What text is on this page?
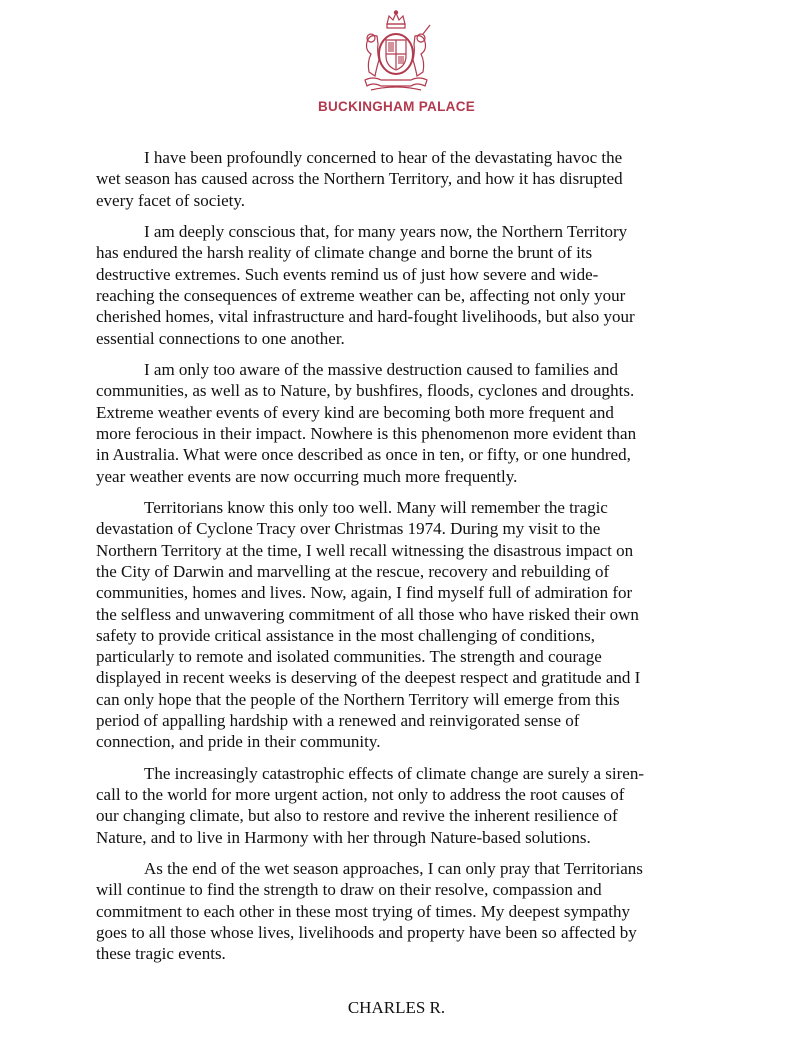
BUCKINGHAM PALACE

I have been profoundly concerned to hear of the devastating havoc the
wet season has caused across the Northern Territory, and how it has disrupted
every facet of society.

I am deeply conscious that, for many years now, the Northern Territory
has endured the harsh reality of climate change and borne the brunt of its
destructive extremes. Such events remind us of just how severe and wide-
reaching the consequences of extreme weather can be, affecting not only your
cherished homes, vital infrastructure and hard-fought livelihoods, but also your
essential connections to one another.

I am only too aware of the massive destruction caused to families and
communities, as well as to Nature, by bushfires, floods, cyclones and droughts.
Extreme weather events of every kind are becoming both more frequent and
more ferocious in their impact. Nowhere is this phenomenon more evident than
in Australia. What were once described as once in ten, or fifty, or one hundred,
year weather events are now occurring much more frequently.

Territorians know this only too well. Many will remember the tragic
devastation of Cyclone Tracy over Christmas 1974. During my visit to the
Northern Territory at the time, I well recall witnessing the disastrous impact on
the City of Darwin and marvelling at the rescue, recovery and rebuilding of
communities, homes and lives. Now, again, I find myself full of admiration for
the selfless and unwavering commitment of all those who have risked their own
safety to provide critical assistance in the most challenging of conditions,
particularly to remote and isolated communities. The strength and courage
displayed in recent weeks is deserving of the deepest respect and gratitude and I
can only hope that the people of the Northern Territory will emerge from this
period of appalling hardship with a renewed and reinvigorated sense of
connection, and pride in their community.

The increasingly catastrophic effects of climate change are surely a siren-
call to the world for more urgent action, not only to address the root causes of
our changing climate, but also to restore and revive the inherent resilience of
Nature, and to live in Harmony with her through Nature-based solutions.

As the end of the wet season approaches, I can only pray that Territorians
will continue to find the strength to draw on their resolve, compassion and
commitment to each other in these most trying of times. My deepest sympathy
goes to all those whose lives, livelihoods and property have been so affected by
these tragic events.

CHARLES R.
